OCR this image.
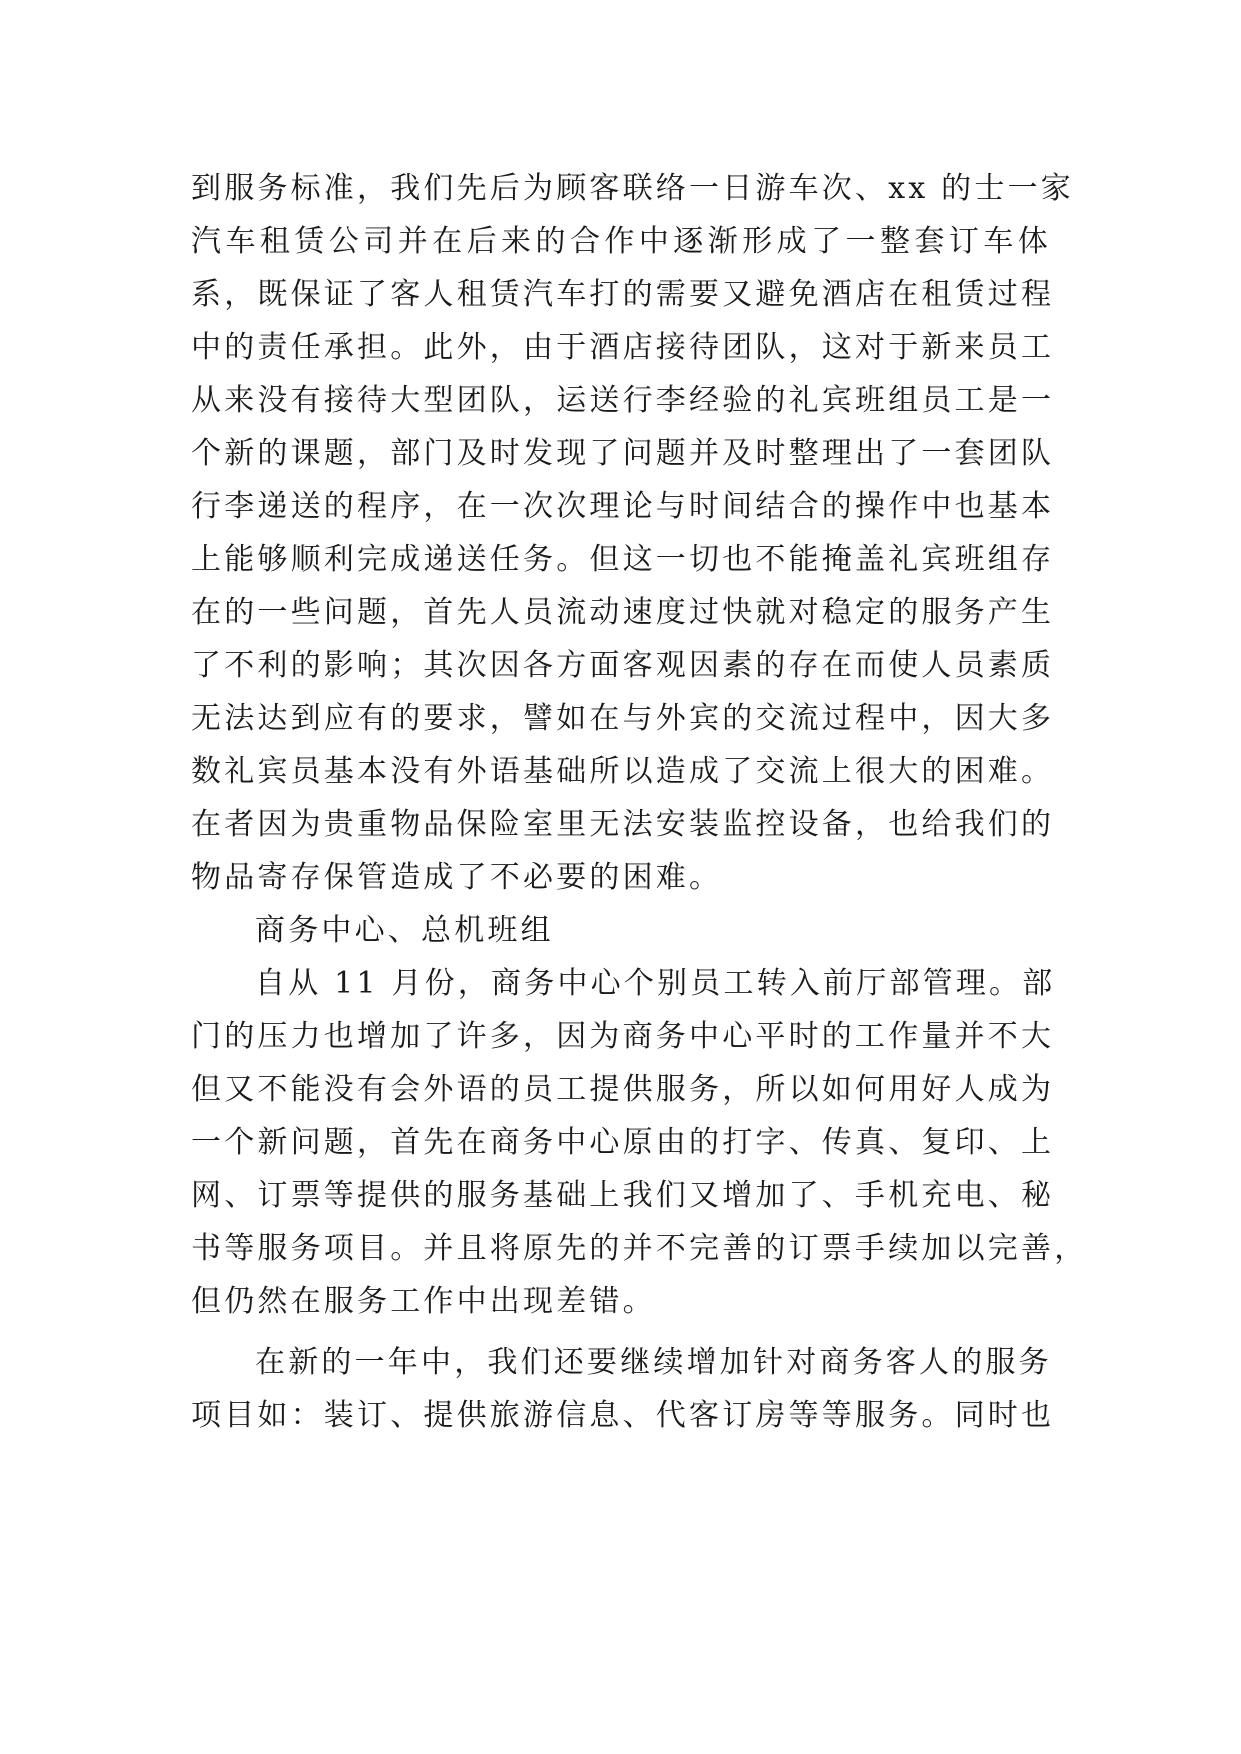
到服务标准，我们先后为顾客联络一日游车次、xx 的士一家
汽车租赁公司并在后来的合作中逐渐形成了一整套订车体
系，既保证了客人租赁汽车打的需要又避免酒店在租赁过程
中的责任承担。此外，由于酒店接待团队，这对于新来员工
从来没有接待大型团队，运送行李经验的礼宾班组员工是一
个新的课题，部门及时发现了问题并及时整理出了一套团队
行李递送的程序，在一次次理论与时间结合的操作中也基本
上能够顺利完成递送任务。但这一切也不能掩盖礼宾班组存
在的一些问题，首先人员流动速度过快就对稳定的服务产生
了不利的影响；其次因各方面客观因素的存在而使人员素质
无法达到应有的要求，譬如在与外宾的交流过程中，因大多
数礼宾员基本没有外语基础所以造成了交流上很大的困难。
在者因为贵重物品保险室里无法安装监控设备，也给我们的
物品寄存保管造成了不必要的困难。
商务中心、总机班组
自从 11 月份，商务中心个别员工转入前厅部管理。部
门的压力也增加了许多，因为商务中心平时的工作量并不大
但又不能没有会外语的员工提供服务，所以如何用好人成为
一个新问题，首先在商务中心原由的打字、传真、复印、上
网、订票等提供的服务基础上我们又增加了、手机充电、秘
书等服务项目。并且将原先的并不完善的订票手续加以完善，
但仍然在服务工作中出现差错。
在新的一年中，我们还要继续增加针对商务客人的服务
项目如：装订、提供旅游信息、代客订房等等服务。同时也
